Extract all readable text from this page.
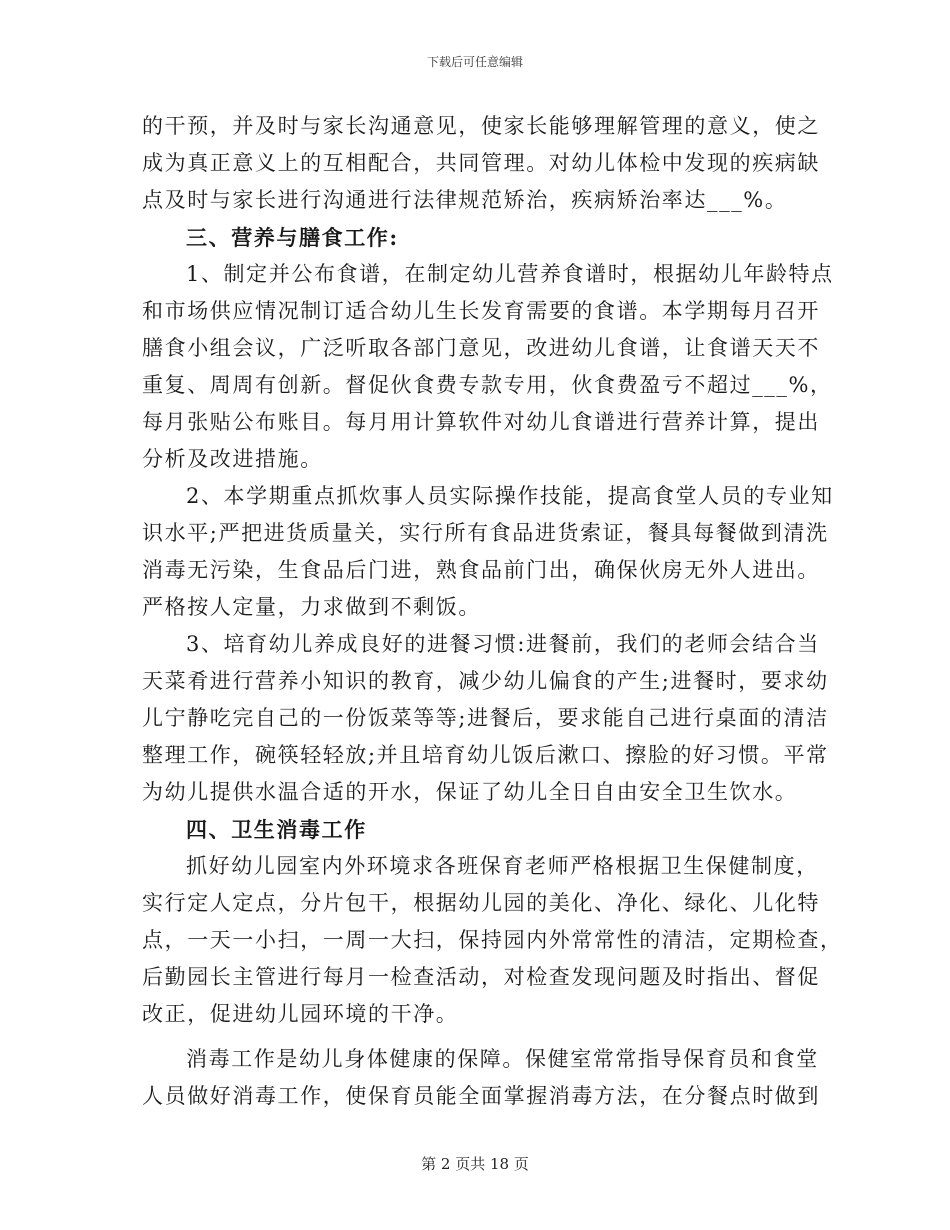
下载后可任意编辑
的干预，并及时与家长沟通意见，使家长能够理解管理的意义，使之
成为真正意义上的互相配合，共同管理。对幼儿体检中发现的疾病缺
点及时与家长进行沟通进行法律规范矫治，疾病矫治率达___%。
三、营养与膳食工作:
1、制定并公布食谱，在制定幼儿营养食谱时，根据幼儿年龄特点
和市场供应情况制订适合幼儿生长发育需要的食谱。本学期每月召开
膳食小组会议，广泛听取各部门意见，改进幼儿食谱，让食谱天天不
重复、周周有创新。督促伙食费专款专用，伙食费盈亏不超过___%，
每月张贴公布账目。每月用计算软件对幼儿食谱进行营养计算，提出
分析及改进措施。
2、本学期重点抓炊事人员实际操作技能，提高食堂人员的专业知
识水平;严把进货质量关，实行所有食品进货索证，餐具每餐做到清洗
消毒无污染，生食品后门进，熟食品前门出，确保伙房无外人进出。
严格按人定量，力求做到不剩饭。
3、培育幼儿养成良好的进餐习惯:进餐前，我们的老师会结合当
天菜肴进行营养小知识的教育，减少幼儿偏食的产生;进餐时，要求幼
儿宁静吃完自己的一份饭菜等等;进餐后，要求能自己进行桌面的清洁
整理工作，碗筷轻轻放;并且培育幼儿饭后漱口、擦脸的好习惯。平常
为幼儿提供水温合适的开水，保证了幼儿全日自由安全卫生饮水。
四、卫生消毒工作
抓好幼儿园室内外环境求各班保育老师严格根据卫生保健制度，
实行定人定点，分片包干，根据幼儿园的美化、净化、绿化、儿化特
点，一天一小扫，一周一大扫，保持园内外常常性的清洁，定期检查，
后勤园长主管进行每月一检查活动，对检查发现问题及时指出、督促
改正，促进幼儿园环境的干净。
消毒工作是幼儿身体健康的保障。保健室常常指导保育员和食堂
人员做好消毒工作，使保育员能全面掌握消毒方法，在分餐点时做到
第 2 页共 18 页
